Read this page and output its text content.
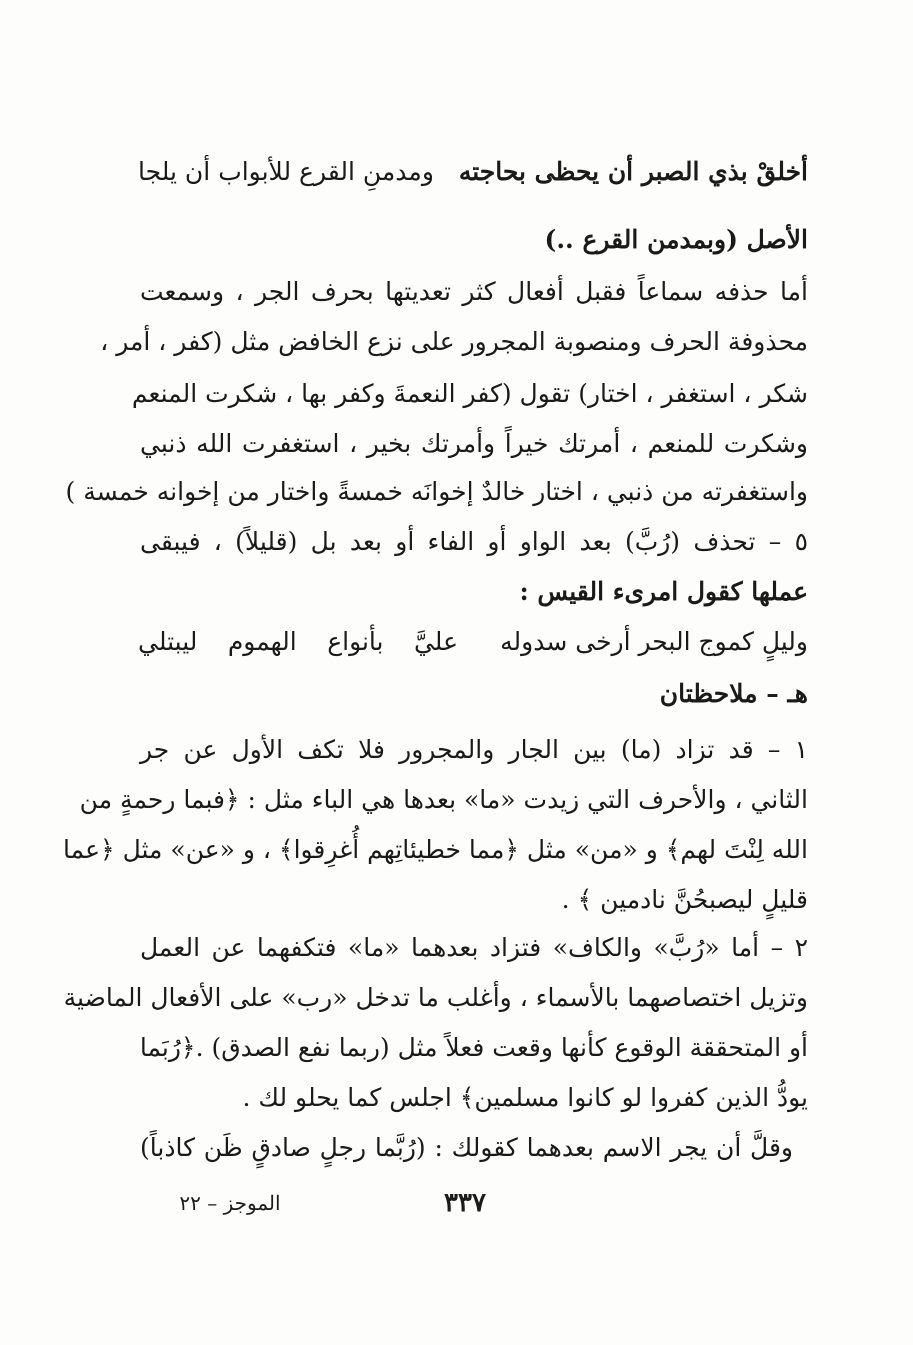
أخلقْ بذي الصبر أن يحظى بحاجته
ومدمنِ القرع للأبواب أن يلجا
الأصل (وبمدمن القرع ..)
أما حذفه سماعاً فقبل أفعال كثر تعديتها بحرف الجر ، وسمعت
محذوفة الحرف ومنصوبة المجرور على نزع الخافض مثل (كفر ، أمر ،
شكر ، استغفر ، اختار) تقول (كفر النعمةَ وكفر بها ، شكرت المنعم
وشكرت للمنعم ، أمرتك خيراً وأمرتك بخير ، استغفرت الله ذنبي
واستغفرته من ذنبي ، اختار خالدٌ إخوانَه خمسةً واختار من إخوانه خمسة )
٥ – تحذف (رُبَّ) بعد الواو أو الفاء أو بعد بل (قليلاً) ، فيبقى
عملها كقول امرىء القيس :
وليلٍ كموج البحر أرخى سدوله
عليَّ بأنواع الهموم ليبتلي
هـ – ملاحظتان
١ – قد تزاد (ما) بين الجار والمجرور فلا تكف الأول عن جر
الثاني ، والأحرف التي زيدت «ما» بعدها هي الباء مثل : ﴿فبما رحمةٍ من
الله لِنْتَ لهم﴾ و «من» مثل ﴿مما خطيئاتِهم أُغرِقوا﴾ ، و «عن» مثل ﴿عما
قليلٍ ليصبحُنَّ نادمين ﴾ .
٢ – أما «رُبَّ» والكاف» فتزاد بعدهما «ما» فتكفهما عن العمل
وتزيل اختصاصهما بالأسماء ، وأغلب ما تدخل «رب» على الأفعال الماضية
أو المتحققة الوقوع كأنها وقعت فعلاً مثل (ربما نفع الصدق) .﴿رُبَما
يودُّ الذين كفروا لو كانوا مسلمين﴾ اجلس كما يحلو لك .
وقلَّ أن يجر الاسم بعدهما كقولك : (رُبَّما رجلٍ صادقٍ ظَن كاذباً)
٣٣٧
الموجز – ٢٢
